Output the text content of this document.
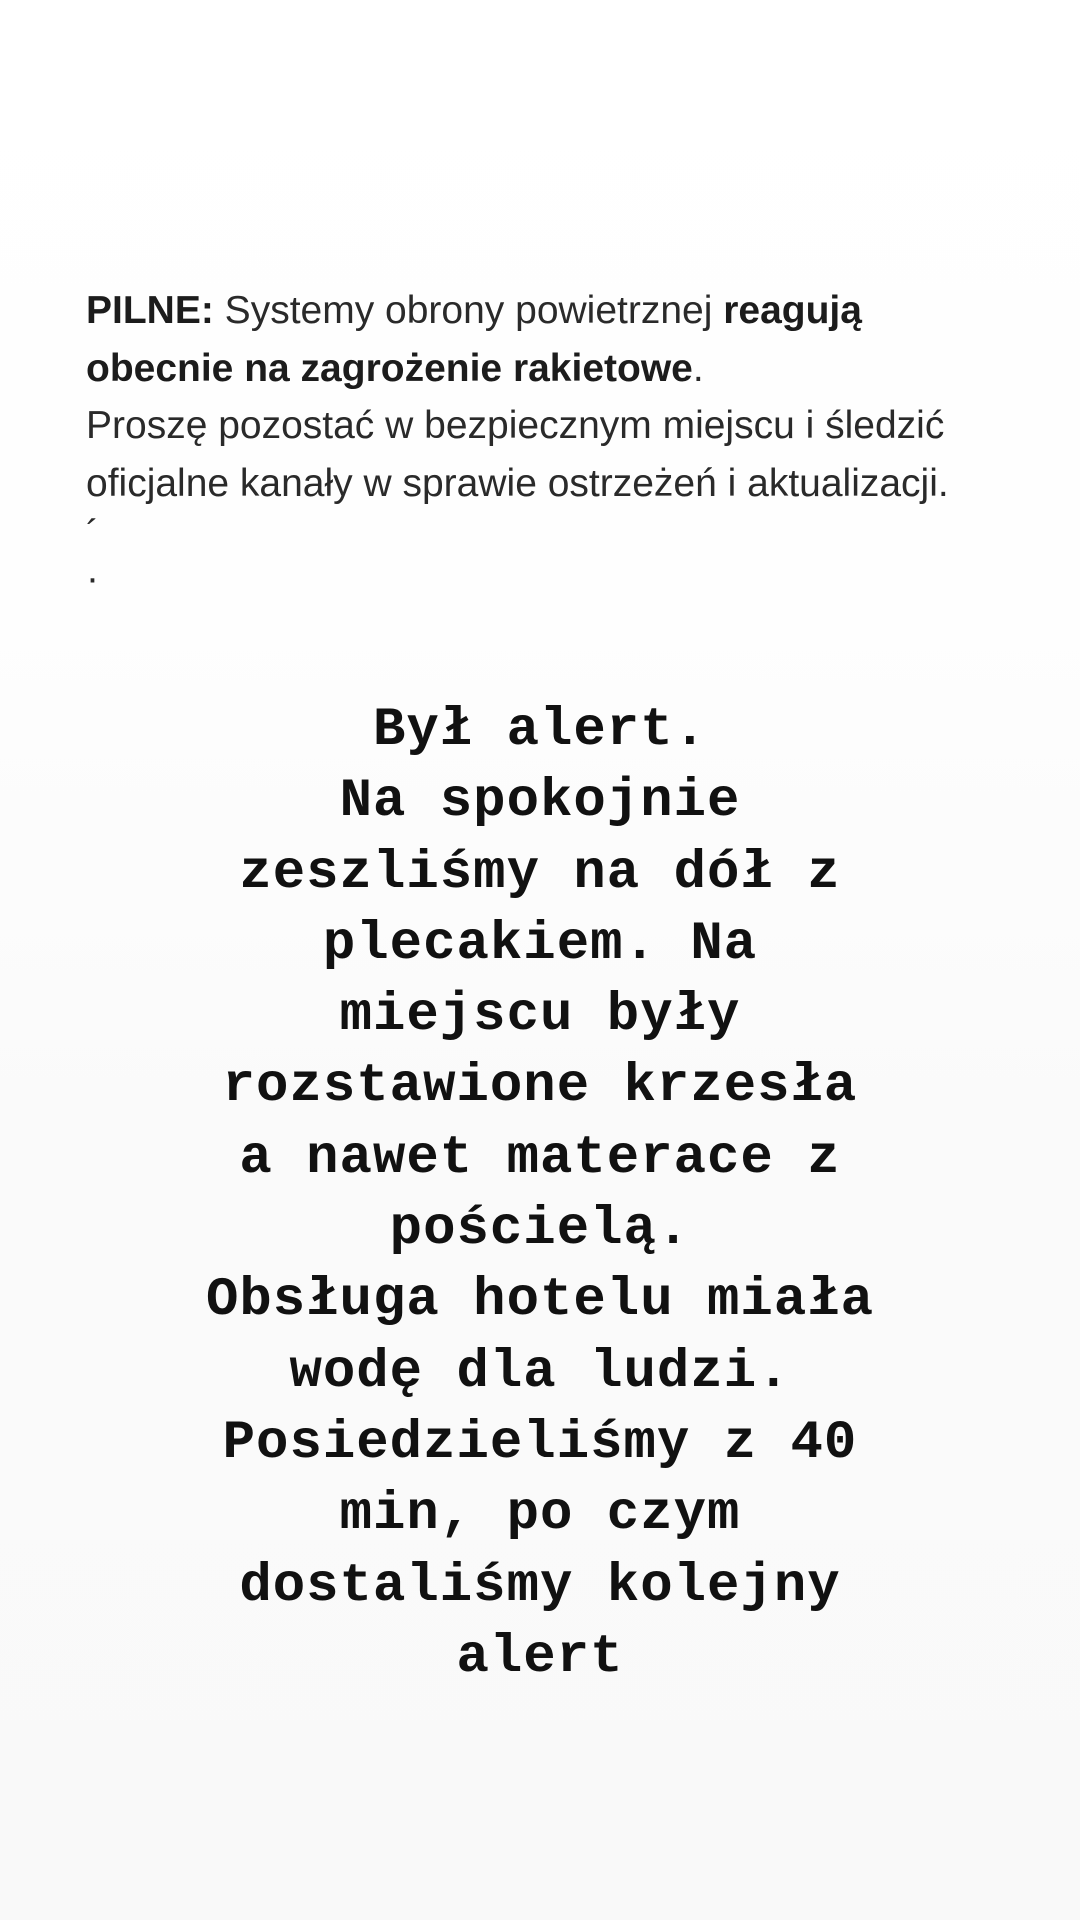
PILNE: Systemy obrony powietrznej reagują
obecnie na zagrożenie rakietowe.
Proszę pozostać w bezpiecznym miejscu i śledzić
oficjalne kanały w sprawie ostrzeżeń i aktualizacji.
´ ·
Był alert.
Na spokojnie
zeszliśmy na dół z
plecakiem. Na
miejscu były
rozstawione krzesła
a nawet materace z
pościelą.
Obsługa hotelu miała
wodę dla ludzi.
Posiedzieliśmy z 40
min, po czym
dostaliśmy kolejny
alert
